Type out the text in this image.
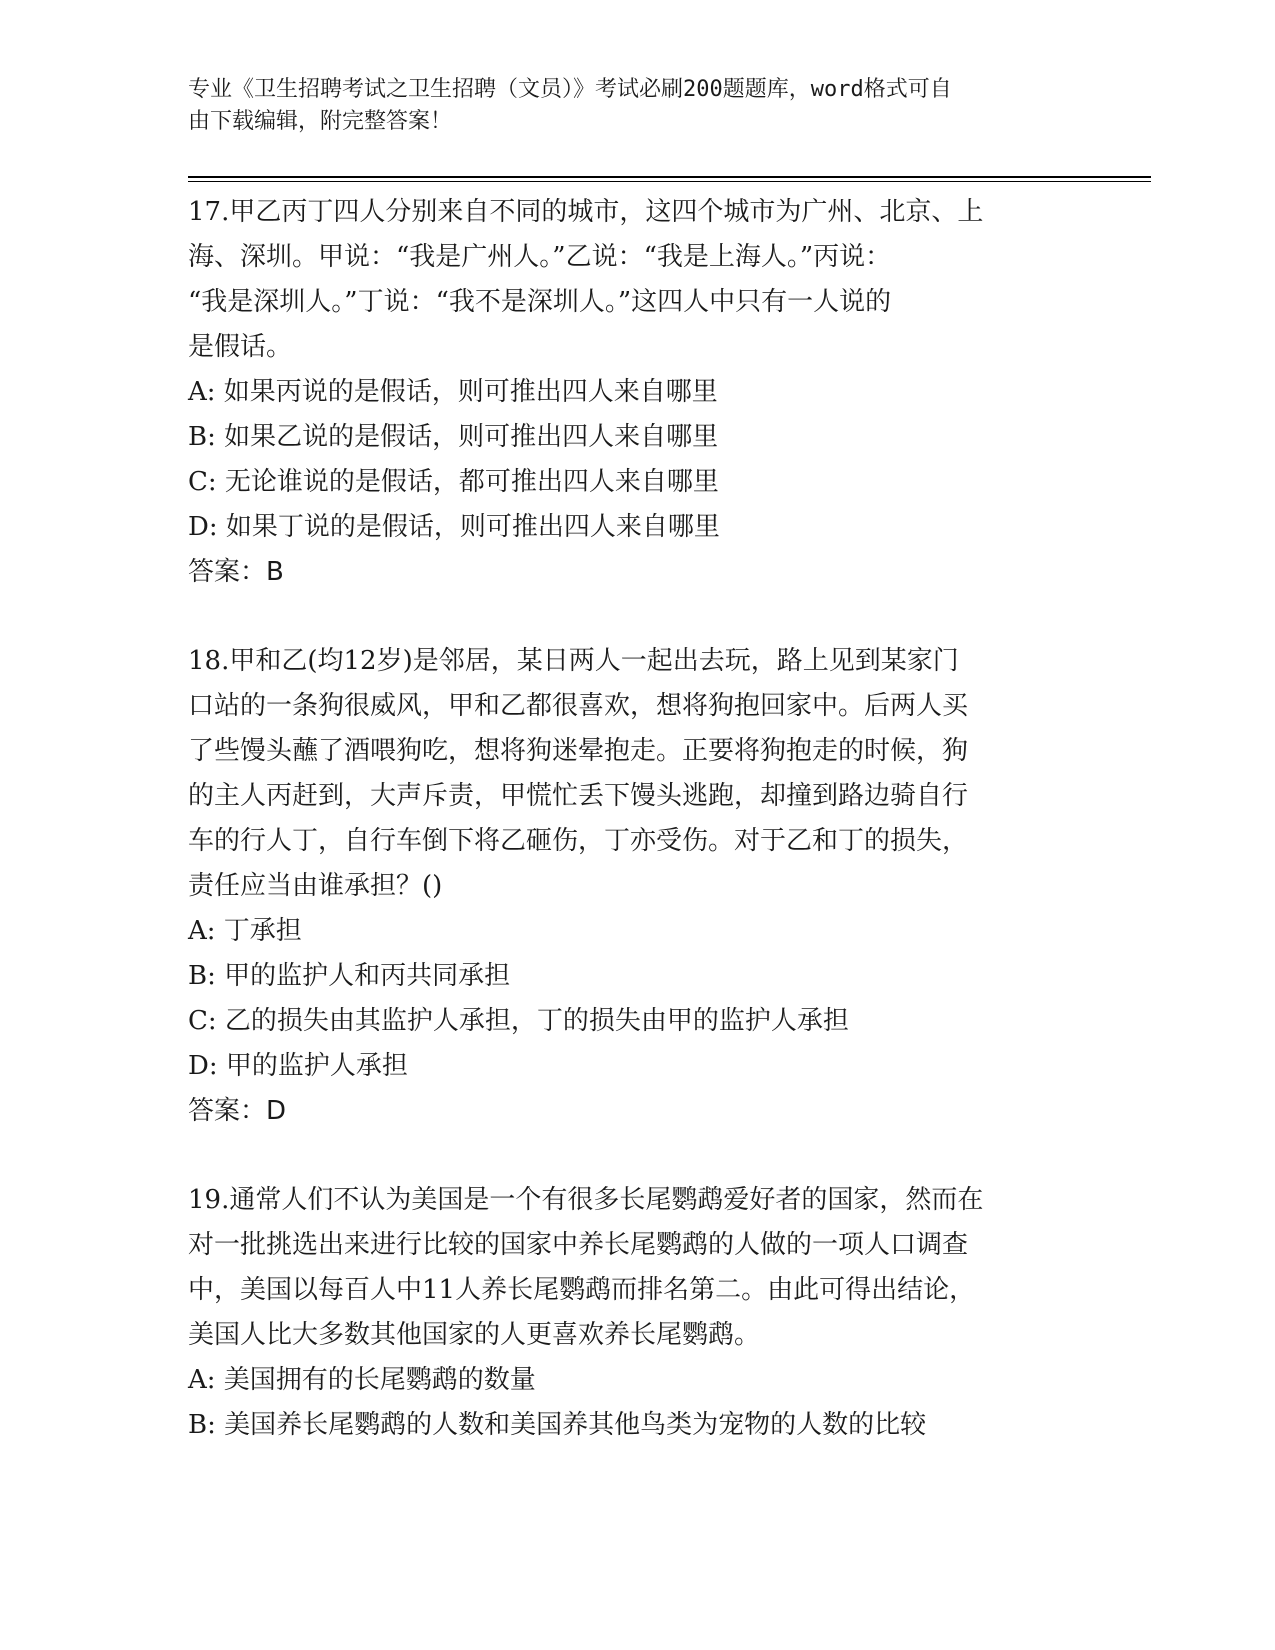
专业《卫生招聘考试之卫生招聘（文员）》考试必刷200题题库，word格式可自
由下载编辑，附完整答案！

17.甲乙丙丁四人分别来自不同的城市，这四个城市为广州、北京、上

海、深圳。甲说：“我是广州人。”乙说：“我是上海人。”丙说：

“我是深圳人。”丁说：“我不是深圳人。”这四人中只有一人说的

是假话。

A: 如果丙说的是假话，则可推出四人来自哪里

B: 如果乙说的是假话，则可推出四人来自哪里

C: 无论谁说的是假话，都可推出四人来自哪里

D: 如果丁说的是假话，则可推出四人来自哪里

答案：B

18.甲和乙(均12岁)是邻居，某日两人一起出去玩，路上见到某家门

口站的一条狗很威风，甲和乙都很喜欢，想将狗抱回家中。后两人买

了些馒头蘸了酒喂狗吃，想将狗迷晕抱走。正要将狗抱走的时候，狗

的主人丙赶到，大声斥责，甲慌忙丢下馒头逃跑，却撞到路边骑自行

车的行人丁，自行车倒下将乙砸伤，丁亦受伤。对于乙和丁的损失，

责任应当由谁承担？()

A: 丁承担

B: 甲的监护人和丙共同承担

C: 乙的损失由其监护人承担，丁的损失由甲的监护人承担

D: 甲的监护人承担

答案：D

19.通常人们不认为美国是一个有很多长尾鹦鹉爱好者的国家，然而在

对一批挑选出来进行比较的国家中养长尾鹦鹉的人做的一项人口调查

中，美国以每百人中11人养长尾鹦鹉而排名第二。由此可得出结论，

美国人比大多数其他国家的人更喜欢养长尾鹦鹉。

A: 美国拥有的长尾鹦鹉的数量

B: 美国养长尾鹦鹉的人数和美国养其他鸟类为宠物的人数的比较
